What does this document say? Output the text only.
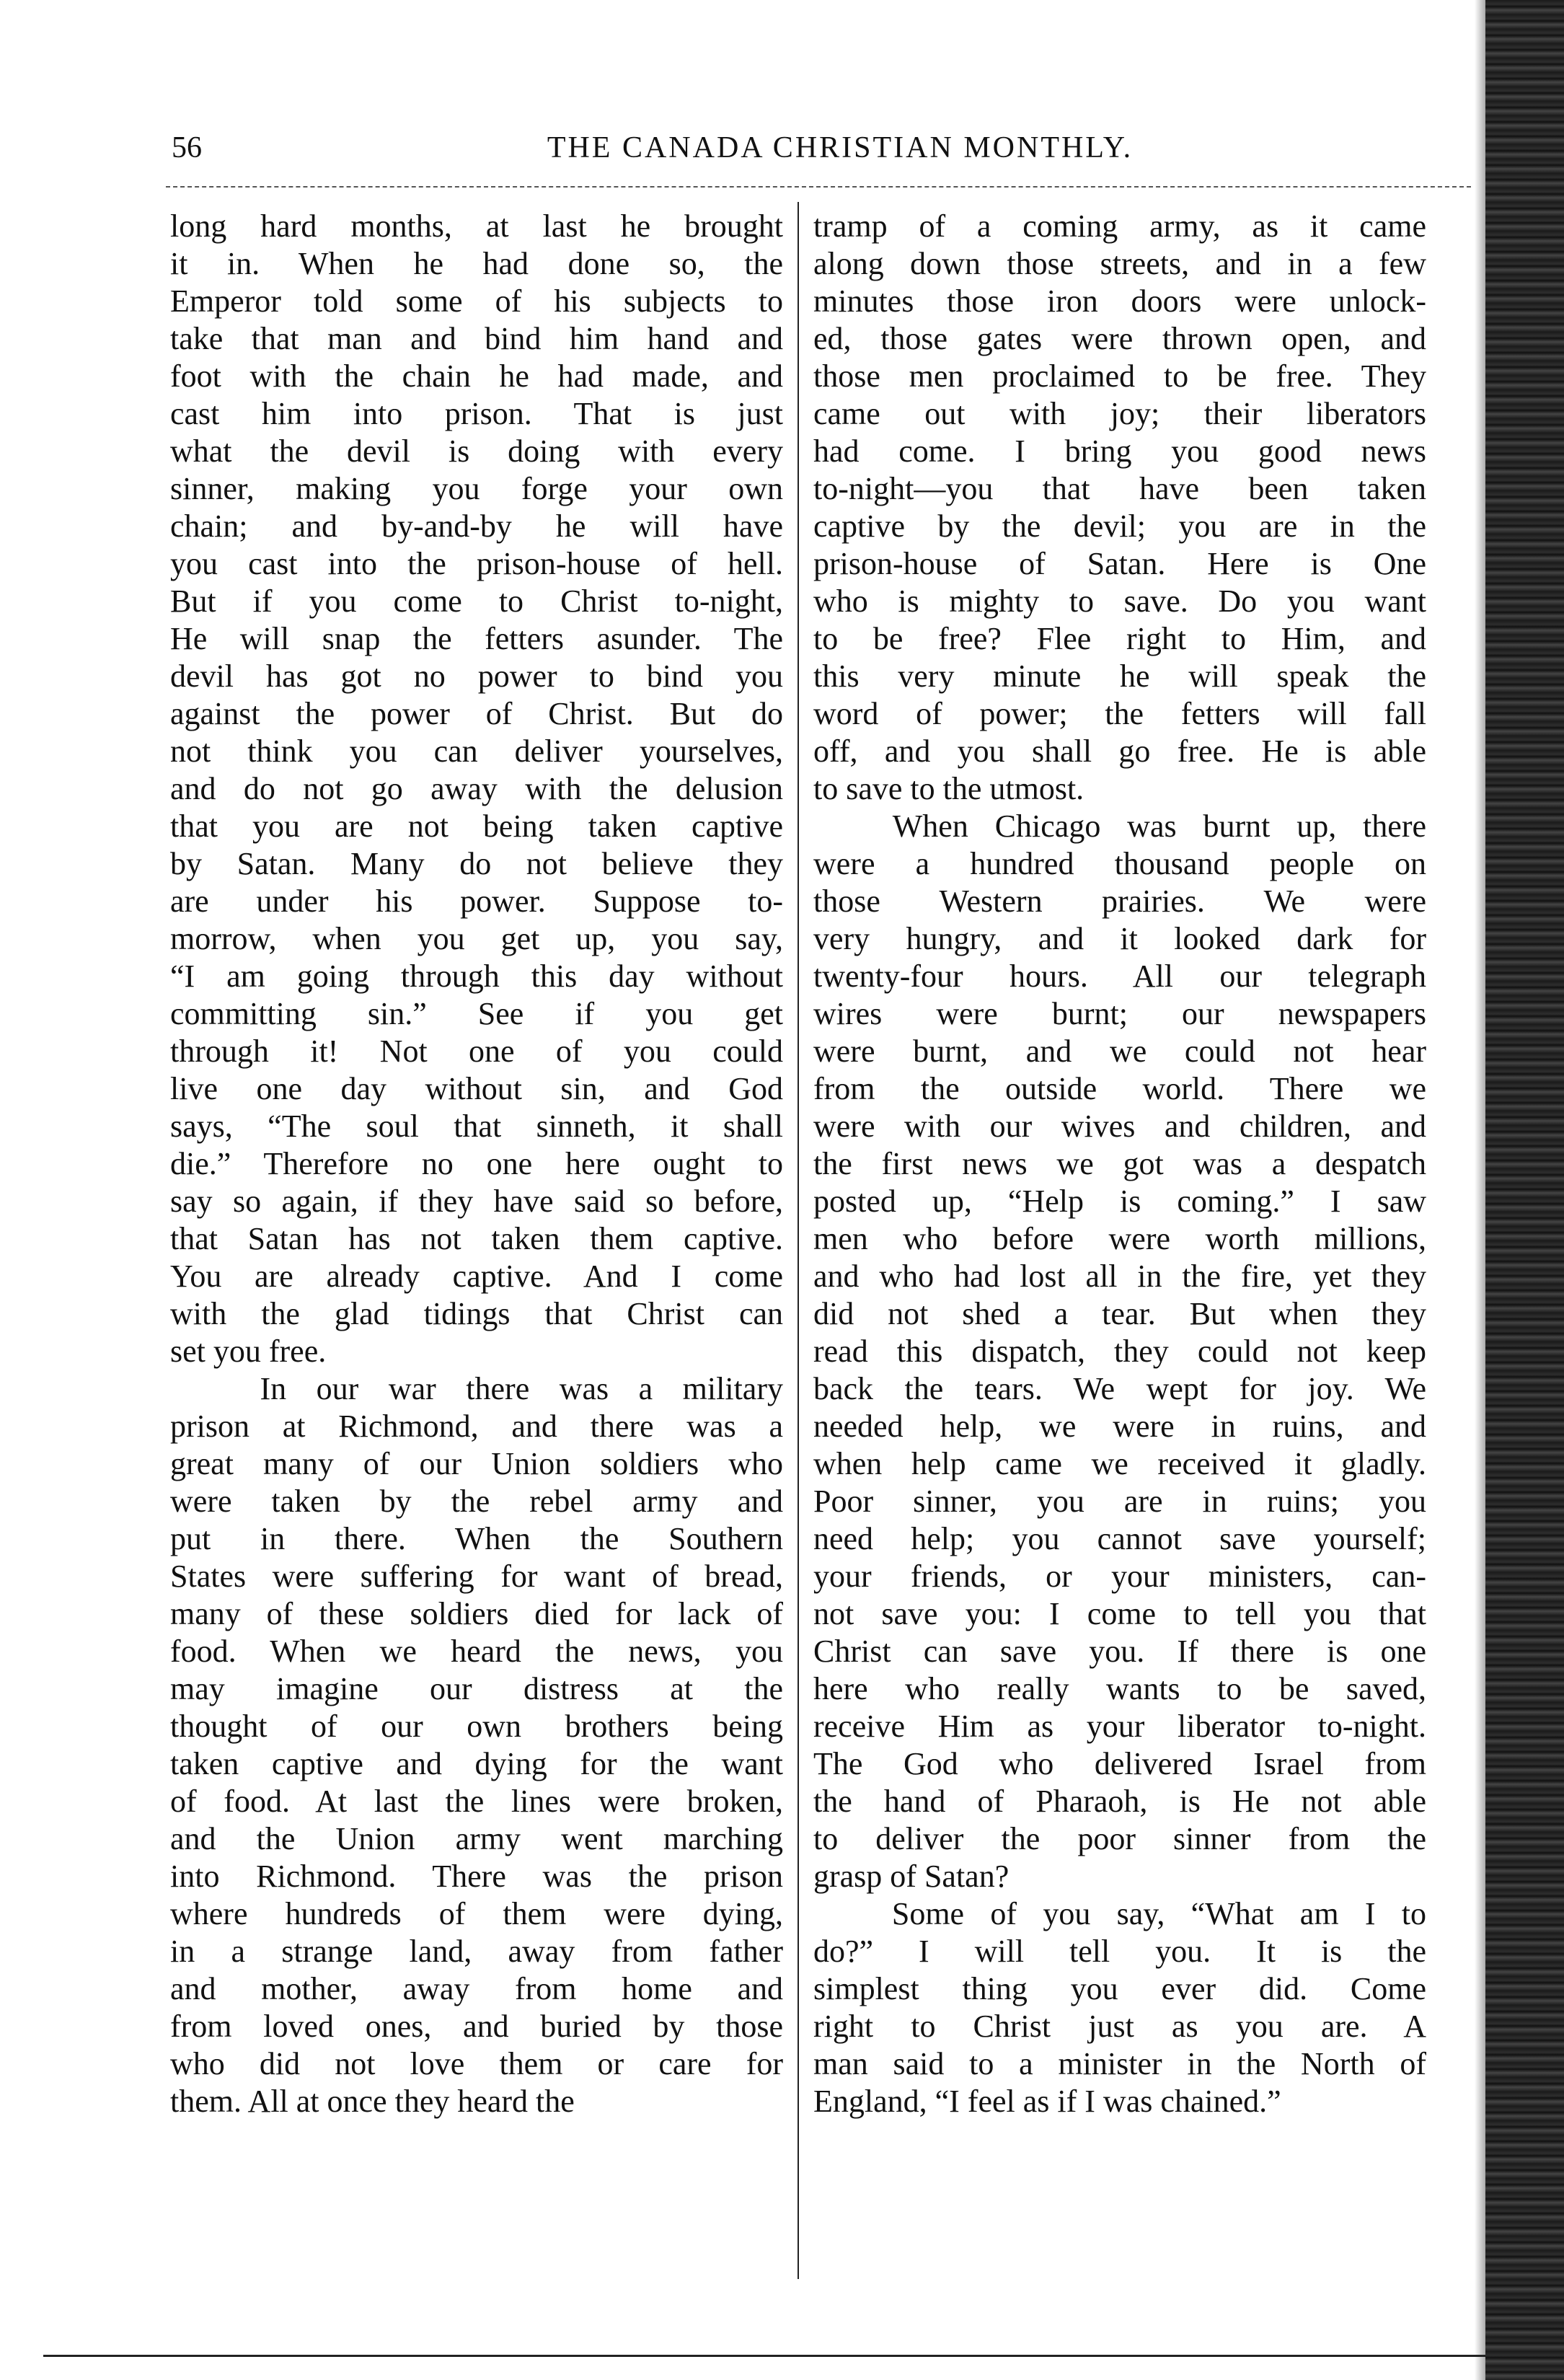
56	THE CANADA CHRISTIAN MONTHLY.
long hard months, at last he brought
it in. When he had done so, the
Emperor told some of his subjects to
take that man and bind him hand and
foot with the chain he had made, and
cast him into prison. That is just
what the devil is doing with every
sinner, making you forge your own
chain; and by-and-by he will have
you cast into the prison-house of hell.
But if you come to Christ to-night,
He will snap the fetters asunder. The
devil has got no power to bind you
against the power of Christ. But do
not think you can deliver yourselves,
and do not go away with the delusion
that you are not being taken captive
by Satan. Many do not believe they
are under his power. Suppose to-
morrow, when you get up, you say,
“I am going through this day without
committing sin.” See if you get
through it! Not one of you could
live one day without sin, and God
says, “The soul that sinneth, it shall
die.” Therefore no one here ought to
say so again, if they have said so before,
that Satan has not taken them captive.
You are already captive. And I come
with the glad tidings that Christ can
set you free.
In our war there was a military
prison at Richmond, and there was a
great many of our Union soldiers who
were taken by the rebel army and
put in there. When the Southern
States were suffering for want of bread,
many of these soldiers died for lack of
food. When we heard the news, you
may imagine our distress at the
thought of our own brothers being
taken captive and dying for the want
of food. At last the lines were broken,
and the Union army went marching
into Richmond. There was the prison
where hundreds of them were dying,
in a strange land, away from father
and mother, away from home and
from loved ones, and buried by those
who did not love them or care for
them. All at once they heard the
tramp of a coming army, as it came
along down those streets, and in a few
minutes those iron doors were unlock-
ed, those gates were thrown open, and
those men proclaimed to be free. They
came out with joy; their liberators
had come. I bring you good news
to-night—you that have been taken
captive by the devil; you are in the
prison-house of Satan. Here is One
who is mighty to save. Do you want
to be free? Flee right to Him, and
this very minute he will speak the
word of power; the fetters will fall
off, and you shall go free. He is able
to save to the utmost.
When Chicago was burnt up, there
were a hundred thousand people on
those Western prairies. We were
very hungry, and it looked dark for
twenty-four hours. All our telegraph
wires were burnt; our newspapers
were burnt, and we could not hear
from the outside world. There we
were with our wives and children, and
the first news we got was a despatch
posted up, “Help is coming.” I saw
men who before were worth millions,
and who had lost all in the fire, yet they
did not shed a tear. But when they
read this dispatch, they could not keep
back the tears. We wept for joy. We
needed help, we were in ruins, and
when help came we received it gladly.
Poor sinner, you are in ruins; you
need help; you cannot save yourself;
your friends, or your ministers, can-
not save you: I come to tell you that
Christ can save you. If there is one
here who really wants to be saved,
receive Him as your liberator to-night.
The God who delivered Israel from
the hand of Pharaoh, is He not able
to deliver the poor sinner from the
grasp of Satan?
Some of you say, “What am I to
do?” I will tell you. It is the
simplest thing you ever did. Come
right to Christ just as you are. A
man said to a minister in the North of
England, “I feel as if I was chained.”
